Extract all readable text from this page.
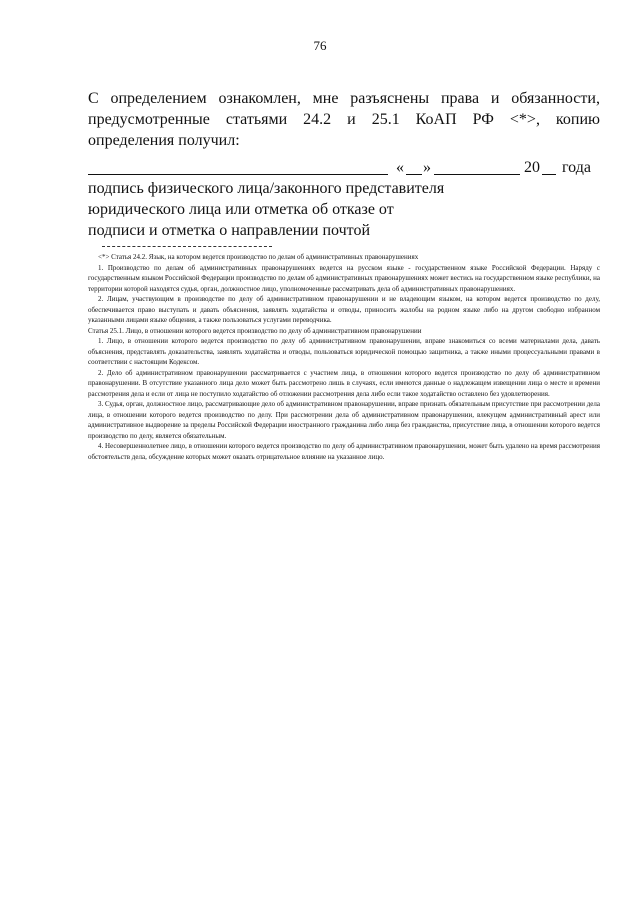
76
С определением ознакомлен, мне разъяснены права и обязанности,
предусмотренные статьями 24.2 и 25.1 КоАП РФ <*>, копию
определения получил:
« »	20 года
подпись физического лица/законного представителя
юридического лица или отметка об отказе от
подписи и отметка о направлении почтой

<*> Статья 24.2. Язык, на котором ведется производство по делам об административных правонарушениях

1. Производство по делам об административных правонарушениях ведется на русском языке - государственном языке Российской Федерации. Наряду с государственным языком Российской Федерации производство по делам об административных правонарушениях может вестись на государственном языке республики, на территории которой находятся судья, орган, должностное лицо, уполномоченные рассматривать дела об административных правонарушениях.

2. Лицам, участвующим в производстве по делу об административном правонарушении и не владеющим языком, на котором ведется производство по делу, обеспечивается право выступать и давать объяснения, заявлять ходатайства и отводы, приносить жалобы на родном языке либо на другом свободно избранном указанными лицами языке общения, а также пользоваться услугами переводчика.

Статья 25.1. Лицо, в отношении которого ведется производство по делу об административном правонарушении

1. Лицо, в отношении которого ведется производство по делу об административном правонарушении, вправе знакомиться со всеми материалами дела, давать объяснения, представлять доказательства, заявлять ходатайства и отводы, пользоваться юридической помощью защитника, а также иными процессуальными правами в соответствии с настоящим Кодексом.

2. Дело об административном правонарушении рассматривается с участием лица, в отношении которого ведется производство по делу об административном правонарушении. В отсутствие указанного лица дело может быть рассмотрено лишь в случаях, если имеются данные о надлежащем извещении лица о месте и времени рассмотрения дела и если от лица не поступило ходатайство об отложении рассмотрения дела либо если такое ходатайство оставлено без удовлетворения.

3. Судья, орган, должностное лицо, рассматривающие дело об административном правонарушении, вправе признать обязательным присутствие при рассмотрении дела лица, в отношении которого ведется производство по делу. При рассмотрении дела об административном правонарушении, влекущем административный арест или административное выдворение за пределы Российской Федерации иностранного гражданина либо лица без гражданства, присутствие лица, в отношении которого ведется производство по делу, является обязательным.

4. Несовершеннолетнее лицо, в отношении которого ведется производство по делу об административном правонарушении, может быть удалено на время рассмотрения обстоятельств дела, обсуждение которых может оказать отрицательное влияние на указанное лицо.
